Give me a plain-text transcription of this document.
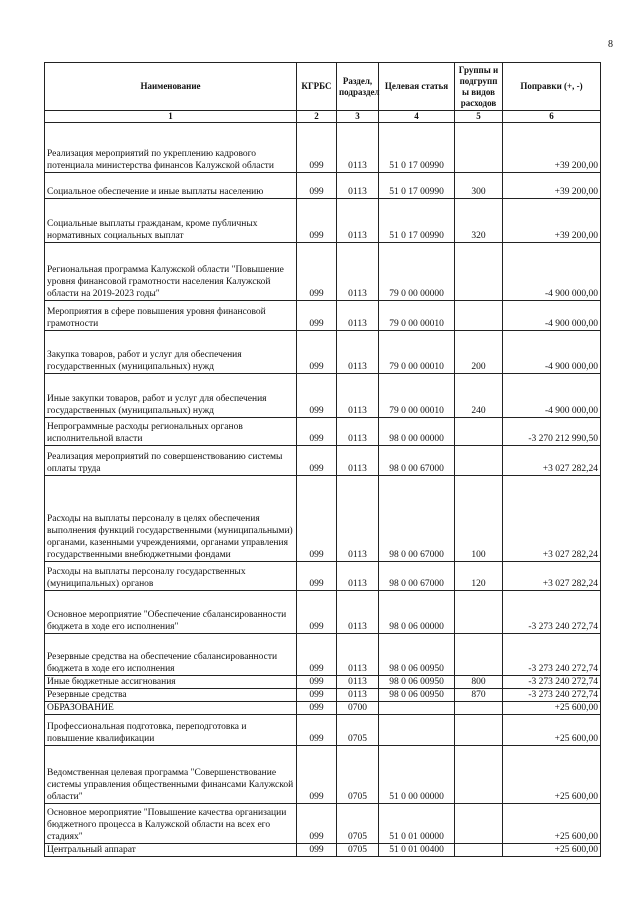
8
Наименование	КГРБС	Раздел, подраздел	Целевая статья	Группы и подгрупп ы видов расходов	Поправки (+, -)
1	2	3	4	5	6
Реализация мероприятий по укреплению кадрового потенциала министерства финансов Калужской области	099	0113	51 0 17 00990		+39 200,00
Социальное обеспечение и иные выплаты населению	099	0113	51 0 17 00990	300	+39 200,00
Социальные выплаты гражданам, кроме публичных нормативных социальных выплат	099	0113	51 0 17 00990	320	+39 200,00
Региональная программа Калужской области "Повышение уровня финансовой грамотности населения Калужской области на 2019-2023 годы"	099	0113	79 0 00 00000		-4 900 000,00
Мероприятия в сфере повышения уровня финансовой грамотности	099	0113	79 0 00 00010		-4 900 000,00
Закупка товаров, работ и услуг для обеспечения государственных (муниципальных) нужд	099	0113	79 0 00 00010	200	-4 900 000,00
Иные закупки товаров, работ и услуг для обеспечения государственных (муниципальных) нужд	099	0113	79 0 00 00010	240	-4 900 000,00
Непрограммные расходы региональных органов исполнительной власти	099	0113	98 0 00 00000		-3 270 212 990,50
Реализация мероприятий по совершенствованию системы оплаты труда	099	0113	98 0 00 67000		+3 027 282,24
Расходы на выплаты персоналу в целях обеспечения выполнения функций государственными (муниципальными) органами, казенными учреждениями, органами управления государственными внебюджетными фондами	099	0113	98 0 00 67000	100	+3 027 282,24
Расходы на выплаты персоналу государственных (муниципальных) органов	099	0113	98 0 00 67000	120	+3 027 282,24
Основное мероприятие "Обеспечение сбалансированности бюджета в ходе его исполнения"	099	0113	98 0 06 00000		-3 273 240 272,74
Резервные средства на обеспечение сбалансированности бюджета в ходе его исполнения	099	0113	98 0 06 00950		-3 273 240 272,74
Иные бюджетные ассигнования	099	0113	98 0 06 00950	800	-3 273 240 272,74
Резервные средства	099	0113	98 0 06 00950	870	-3 273 240 272,74
ОБРАЗОВАНИЕ	099	0700			+25 600,00
Профессиональная подготовка, переподготовка и повышение квалификации	099	0705			+25 600,00
Ведомственная целевая программа "Совершенствование системы управления общественными финансами Калужской области"	099	0705	51 0 00 00000		+25 600,00
Основное мероприятие "Повышение качества организации бюджетного процесса в Калужской области на всех его стадиях"	099	0705	51 0 01 00000		+25 600,00
Центральный аппарат	099	0705	51 0 01 00400		+25 600,00
